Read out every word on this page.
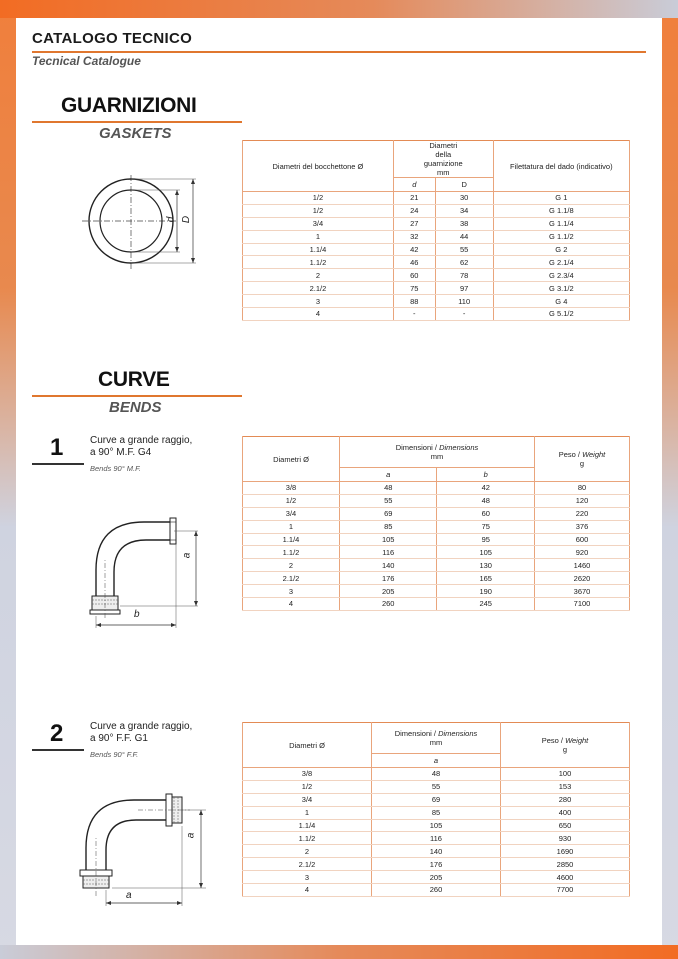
CATALOGO TECNICO
Tecnical Catalogue
GUARNIZIONI
GASKETS
d D
Diametri del bocchettone Ø	Diametri della guarnizione mm		Filettatura del dado (indicativo)
	d	D	
1/2	21	30	G 1
1/2	24	34	G 1.1/8
3/4	27	38	G 1.1/4
1	32	44	G 1.1/2
1.1/4	42	55	G 2
1.1/2	46	62	G 2.1/4
2	60	78	G 2.3/4
2.1/2	75	97	G 3.1/2
3	88	110	G 4
4	-	-	G 5.1/2
CURVE
BENDS
1	Curve a grande raggio,
a 90° M.F. G4
Bends 90° M.F.
a
b
Diametri Ø	Dimensioni / Dimensions
mm		Peso / Weight
g
	a	b	
3/8	48	42	80
1/2	55	48	120
3/4	69	60	220
1	85	75	376
1.1/4	105	95	600
1.1/2	116	105	920
2	140	130	1460
2.1/2	176	165	2620
3	205	190	3670
4	260	245	7100
2	Curve a grande raggio,
a 90° F.F. G1
Bends 90° F.F.
a
a
Diametri Ø	Dimensioni / Dimensions
mm	Peso / Weight
g
	a	
3/8	48	100
1/2	55	153
3/4	69	280
1	85	400
1.1/4	105	650
1.1/2	116	930
2	140	1690
2.1/2	176	2850
3	205	4600
4	260	7700
